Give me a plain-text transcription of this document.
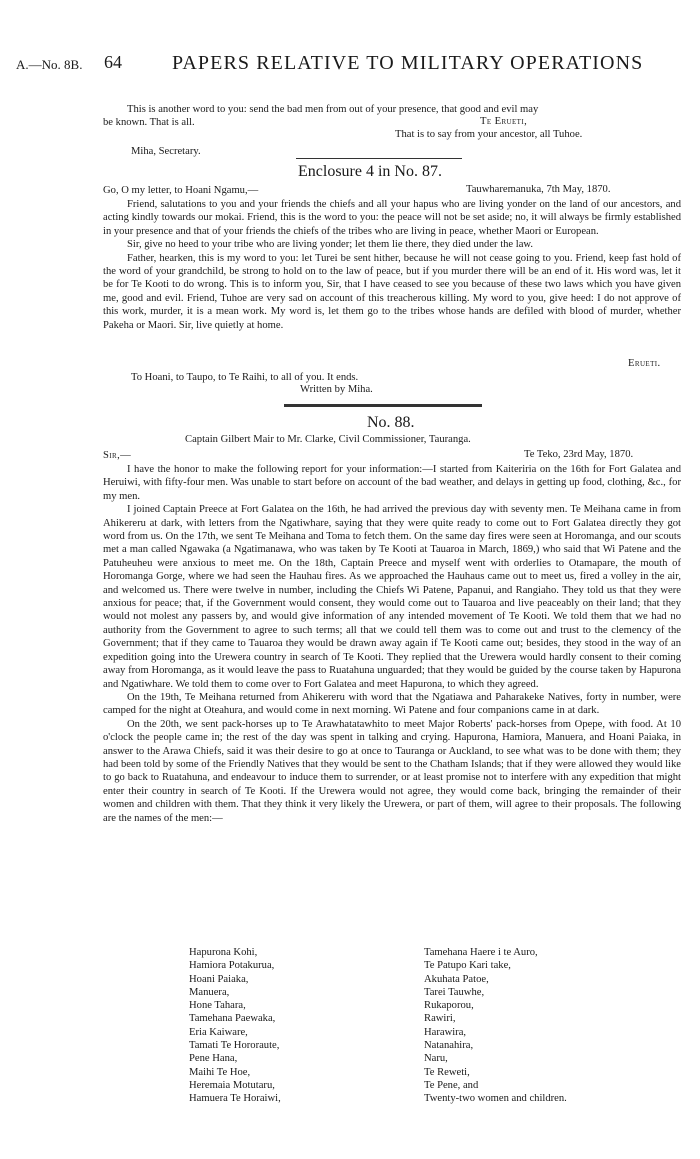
A.—No. 8B. 64	PAPERS RELATIVE TO MILITARY OPERATIONS
This is another word to you: send the bad men from out of your presence, that good and evil may
be known. That is all.	Te Erueti,
That is to say from your ancestor, all Tuhoe.
Miha, Secretary.
Enclosure 4 in No. 87.
Go, O my letter, to Hoani Ngamu,—	Tauwharemanuka, 7th May, 1870.

Friend, salutations to you and your friends the chiefs and all your hapus who are living yonder on the land of our ancestors, and acting kindly towards our mokai. Friend, this is the word to you: the peace will not be set aside; no, it will always be firmly established in your presence and that of your friends the chiefs of the tribes who are living in peace, whether Maori or European.

Sir, give no heed to your tribe who are living yonder; let them lie there, they died under the law.

Father, hearken, this is my word to you: let Turei be sent hither, because he will not cease going to you. Friend, keep fast hold of the word of your grandchild, be strong to hold on to the law of peace, but if you murder there will be an end of it. His word was, let it be for Te Kooti to do wrong. This is to inform you, Sir, that I have ceased to see you because of these two laws which you have given me, good and evil. Friend, Tuhoe are very sad on account of this treacherous killing. My word to you, give heed: I do not approve of this work, murder, it is a mean work. My word is, let them go to the tribes whose hands are defiled with blood of murder, whether Pakeha or Maori. Sir, live quietly at home.

Erueti.
To Hoani, to Taupo, to Te Raihi, to all of you. It ends.
Written by Miha.
No. 88.
Captain Gilbert Mair to Mr. Clarke, Civil Commissioner, Tauranga.
Sir,—	Te Teko, 23rd May, 1870.

I have the honor to make the following report for your information:—I started from Kaiteriria on the 16th for Fort Galatea and Heruiwi, with fifty-four men. Was unable to start before on account of the bad weather, and delays in getting up food, clothing, &c., for my men.

I joined Captain Preece at Fort Galatea on the 16th, he had arrived the previous day with seventy men. Te Meihana came in from Ahikereru at dark, with letters from the Ngatiwhare, saying that they were quite ready to come out to Fort Galatea directly they got word from us. On the 17th, we sent Te Meihana and Toma to fetch them. On the same day fires were seen at Horomanga, and our scouts met a man called Ngawaka (a Ngatimanawa, who was taken by Te Kooti at Tauaroa in March, 1869,) who said that Wi Patene and the Patuheuheu were anxious to meet me. On the 18th, Captain Preece and myself went with orderlies to Otamapare, the mouth of Horomanga Gorge, where we had seen the Hauhau fires. As we approached the Hauhaus came out to meet us, fired a volley in the air, and welcomed us. There were twelve in number, including the Chiefs Wi Patene, Papanui, and Rangiaho. They told us that they were anxious for peace; that, if the Government would consent, they would come out to Tauaroa and live peaceably on their land; that they would not molest any passers by, and would give information of any intended movement of Te Kooti. We told them that we had no authority from the Government to agree to such terms; all that we could tell them was to come out and trust to the clemency of the Government; that if they came to Tauaroa they would be drawn away again if Te Kooti came out; besides, they stood in the way of an expedition going into the Urewera country in search of Te Kooti. They replied that the Urewera would hardly consent to their coming away from Horomanga, as it would leave the pass to Ruatahuna unguarded; that they would be guided by the course taken by Hapurona and Ngatiwhare. We told them to come over to Fort Galatea and meet Hapurona, to which they agreed.

On the 19th, Te Meihana returned from Ahikereru with word that the Ngatiawa and Paharakeke Natives, forty in number, were camped for the night at Oteahura, and would come in next morning. Wi Patene and four companions came in at dark.

On the 20th, we sent pack-horses up to Te Arawhatatawhito to meet Major Roberts' pack-horses from Opepe, with food. At 10 o'clock the people came in; the rest of the day was spent in talking and crying. Hapurona, Hamiora, Manuera, and Hoani Paiaka, in answer to the Arawa Chiefs, said it was their desire to go at once to Tauranga or Auckland, to see what was to be done with them; they had been told by some of the Friendly Natives that they would be sent to the Chatham Islands; that if they were allowed they would like to go back to Ruatahuna, and endeavour to induce them to surrender, or at least promise not to interfere with any expedition that might enter their country in search of Te Kooti. If the Urewera would not agree, they would come back, bringing the remainder of their women and children with them. That they think it very likely the Urewera, or part of them, will agree to their proposals. The following are the names of the men:—

Hapurona Kohi,
Hamiora Potakurua,
Hoani Paiaka,
Manuera,
Hone Tahara,
Tamehana Paewaka,
Eria Kaiware,
Tamati Te Hororaute,
Pene Hana,
Maihi Te Hoe,
Heremaia Motutaru,
Hamuera Te Horaiwi,
Tamehana Haere i te Auro,
Te Patupo Kari take,
Akuhata Patoe,
Tarei Tauwhe,
Rukaporou,
Rawiri,
Harawira,
Natanahira,
Naru,
Te Reweti,
Te Pene, and
Twenty-two women and children.
